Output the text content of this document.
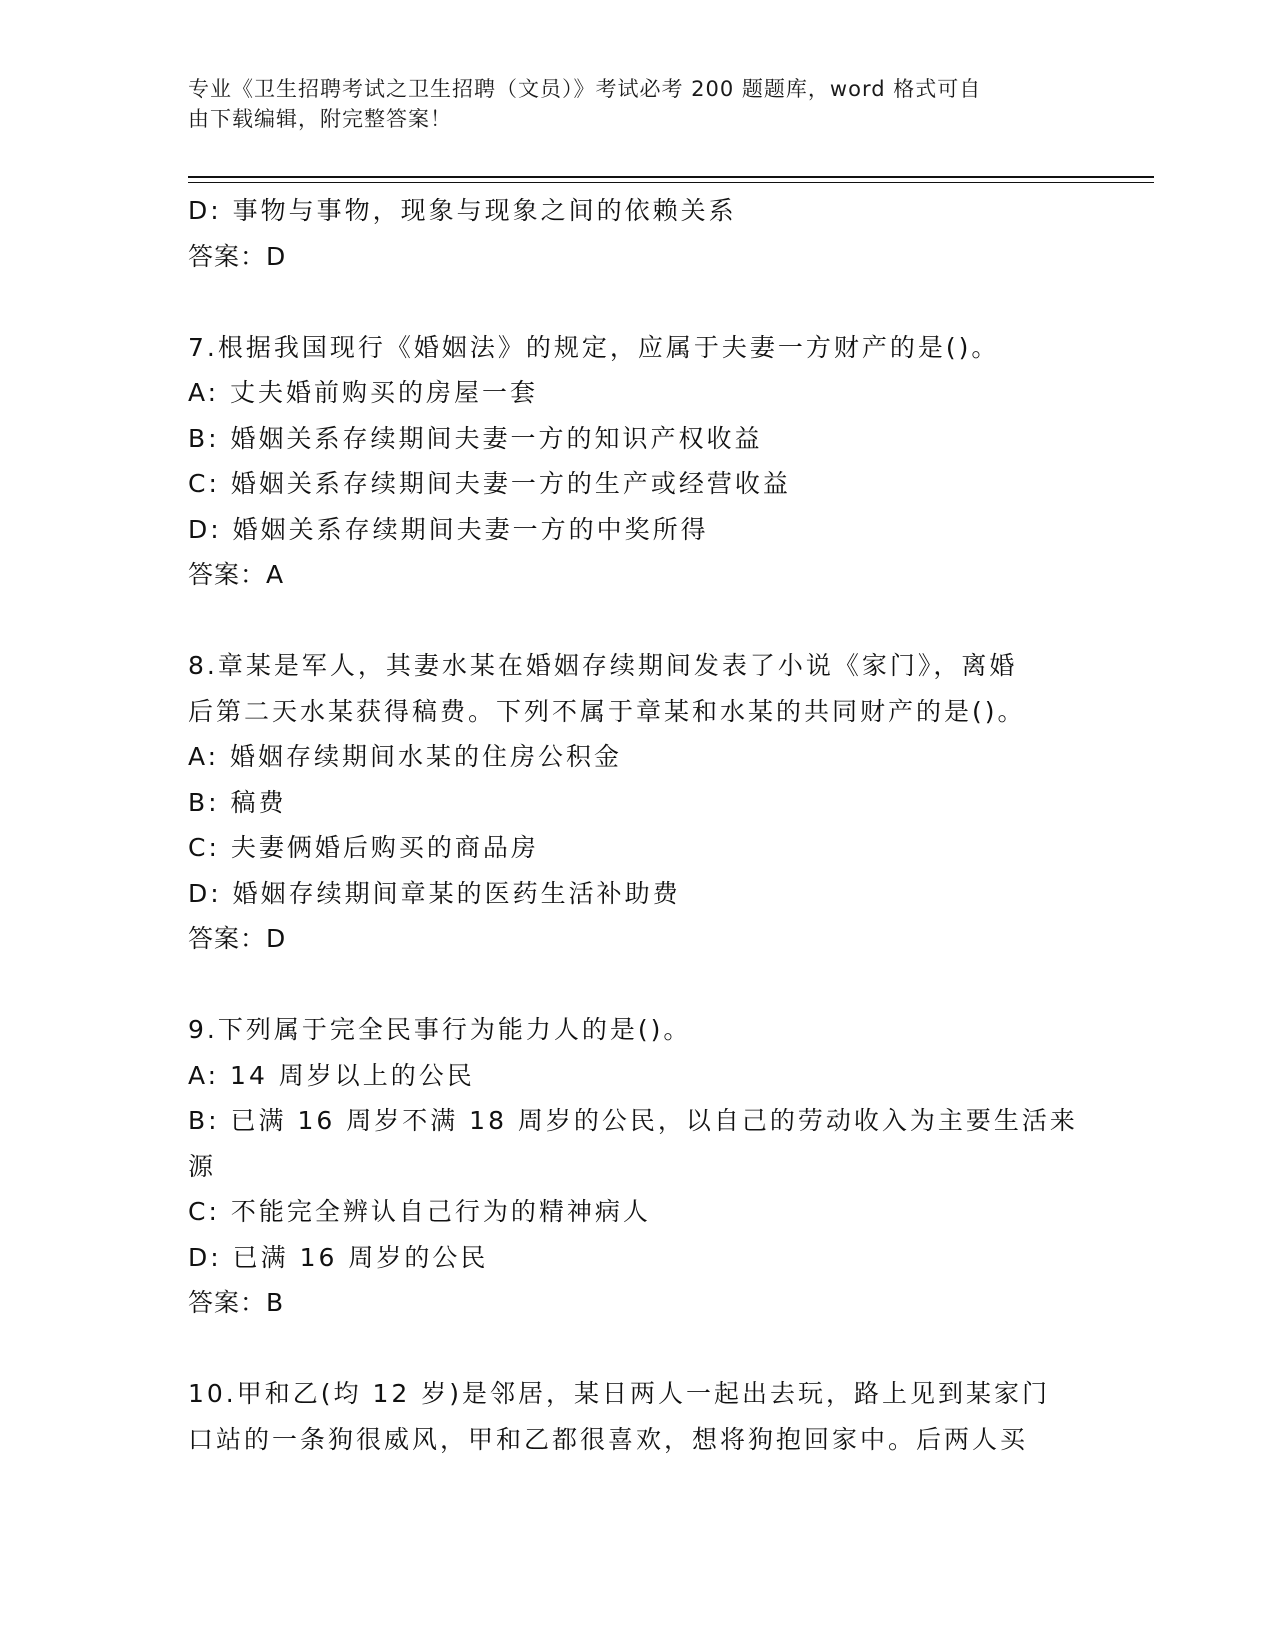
专业《卫生招聘考试之卫生招聘（文员）》考试必考 200 题题库，word 格式可自
由下载编辑，附完整答案！
D: 事物与事物，现象与现象之间的依赖关系
答案：D
7.根据我国现行《婚姻法》的规定，应属于夫妻一方财产的是()。
A: 丈夫婚前购买的房屋一套
B: 婚姻关系存续期间夫妻一方的知识产权收益
C: 婚姻关系存续期间夫妻一方的生产或经营收益
D: 婚姻关系存续期间夫妻一方的中奖所得
答案：A
8.章某是军人，其妻水某在婚姻存续期间发表了小说《家门》，离婚
后第二天水某获得稿费。下列不属于章某和水某的共同财产的是()。
A: 婚姻存续期间水某的住房公积金
B: 稿费
C: 夫妻俩婚后购买的商品房
D: 婚姻存续期间章某的医药生活补助费
答案：D
9.下列属于完全民事行为能力人的是()。
A: 14 周岁以上的公民
B: 已满 16 周岁不满 18 周岁的公民，以自己的劳动收入为主要生活来
源
C: 不能完全辨认自己行为的精神病人
D: 已满 16 周岁的公民
答案：B
10.甲和乙(均 12 岁)是邻居，某日两人一起出去玩，路上见到某家门
口站的一条狗很威风，甲和乙都很喜欢，想将狗抱回家中。后两人买
